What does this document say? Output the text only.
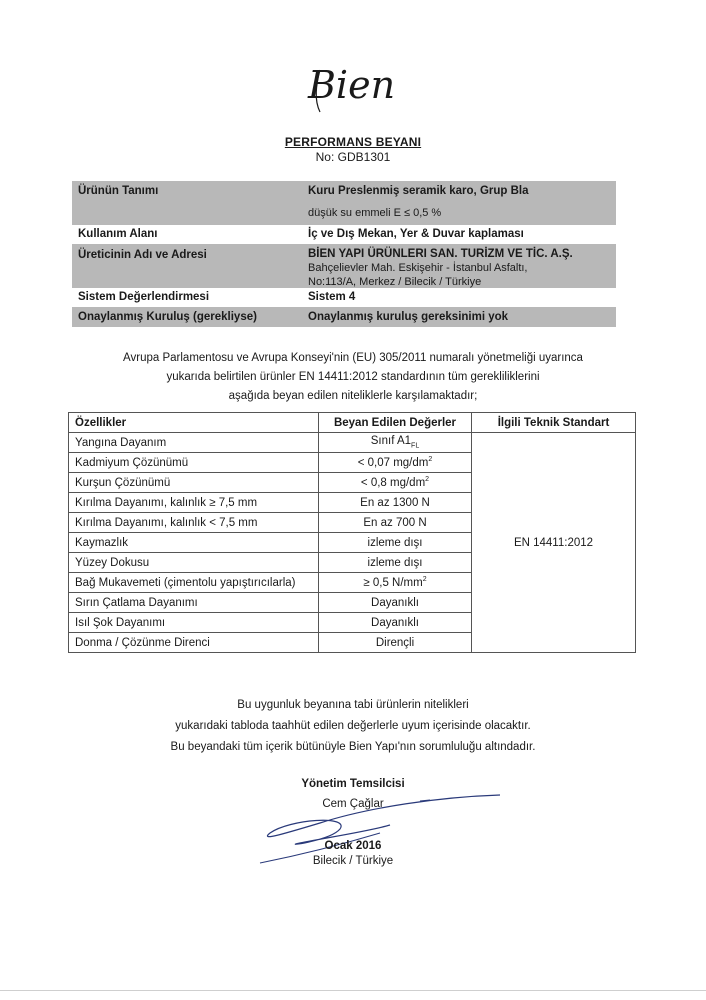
Bien
PERFORMANS BEYANI
No: GDB1301
Ürünün Tanımı	Kuru Preslenmiş seramik karo, Grup Bla
düşük su emmeli E ≤ 0,5 %
Kullanım Alanı	İç ve Dış Mekan, Yer & Duvar kaplaması
Üreticinin Adı ve Adresi	BİEN YAPI ÜRÜNLERI SAN. TURİZM VE TİC. A.Ş.
Bahçelievler Mah. Eskişehir - İstanbul Asfaltı,
No:113/A, Merkez / Bilecik / Türkiye
Sistem Değerlendirmesi	Sistem 4
Onaylanmış Kuruluş (gerekliyse)	Onaylanmış kuruluş gereksinimi yok
Avrupa Parlamentosu ve Avrupa Konseyi'nin (EU) 305/2011 numaralı yönetmeliği uyarınca
yukarıda belirtilen ürünler EN 14411:2012 standardının tüm gerekliliklerini
aşağıda beyan edilen niteliklerle karşılamaktadır;
Özellikler	Beyan Edilen Değerler	İlgili Teknik Standart
Yangına Dayanım	Sınıf $A1_{FL}$	EN 14411:2012
Kadmiyum Çözünümü	< 0,07 $mg/dm^2$
Kurşun Çözünümü	< 0,8 $mg/dm^2$
Kırılma Dayanımı, kalınlık ≥ 7,5 mm	En az 1300 N	
Kırılma Dayanımı, kalınlık < 7,5 mm	En az 700 N	
Kaymazlık	izleme dışı	
Yüzey Dokusu	izleme dışı	
Bağ Mukavemeti (çimentolu yapıştırıcılarla)	≥ 0,5 $N/mm^2$
Sırın Çatlama Dayanımı	Dayanıklı	
Isıl Şok Dayanımı	Dayanıklı	
Donma / Çözünme Direnci	Dirençli	
Bu uygunluk beyanına tabi ürünlerin nitelikleri
yukarıdaki tabloda taahhüt edilen değerlerle uyum içerisinde olacaktır.
Bu beyandaki tüm içerik bütünüyle Bien Yapı'nın sorumluluğu altındadır.
Yönetim Temsilcisi
Cem Çağlar
Ocak 2016
Bilecik / Türkiye
